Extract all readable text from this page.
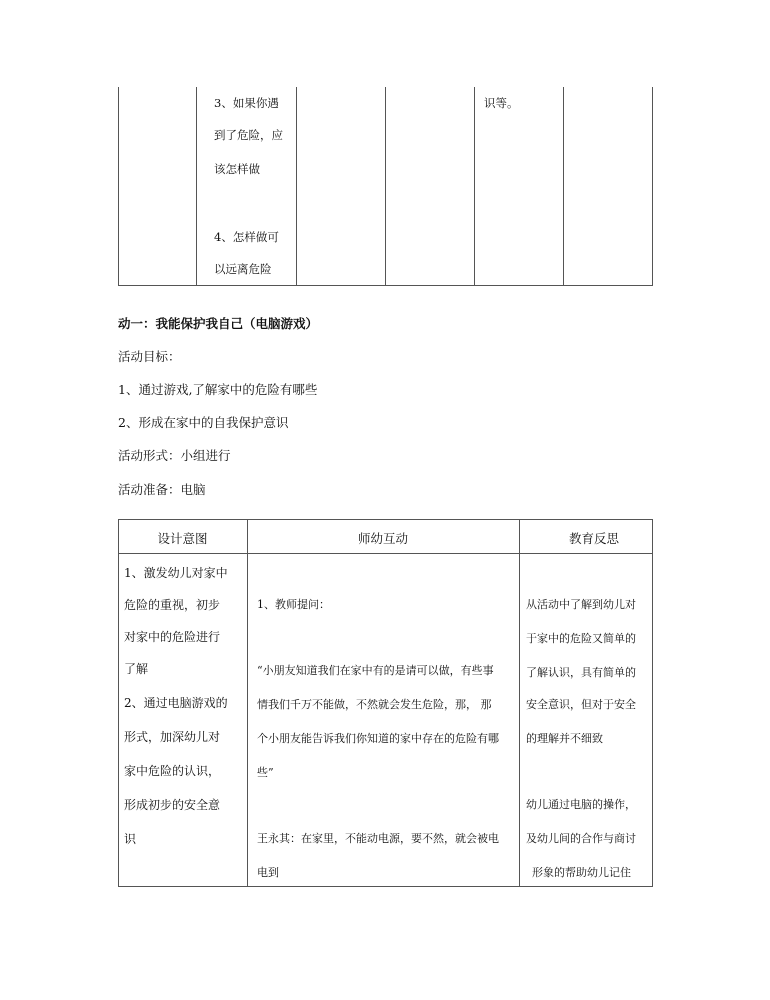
3、如果你遇
到了危险，应
该怎样做
4、怎样做可
以远离危险
识等。
动一：我能保护我自己（电脑游戏）
活动目标：
1、通过游戏,了解家中的危险有哪些
2、形成在家中的自我保护意识
活动形式：小组进行
活动准备：电脑
设计意图	师幼互动	教育反思
1、激发幼儿对家中
危险的重视，初步
对家中的危险进行
了解
2、通过电脑游戏的
形式，加深幼儿对
家中危险的认识，
形成初步的安全意
识
1、教师提问：
“小朋友知道我们在家中有的是请可以做，有些事
情我们千万不能做，不然就会发生危险，那， 那
个小朋友能告诉我们你知道的家中存在的危险有哪
些”
王永其：在家里，不能动电源，要不然，就会被电
电到
从活动中了解到幼儿对
于家中的危险又简单的
了解认识，具有简单的
安全意识，但对于安全
的理解并不细致
幼儿通过电脑的操作，
及幼儿间的合作与商讨
形象的帮助幼儿记住
